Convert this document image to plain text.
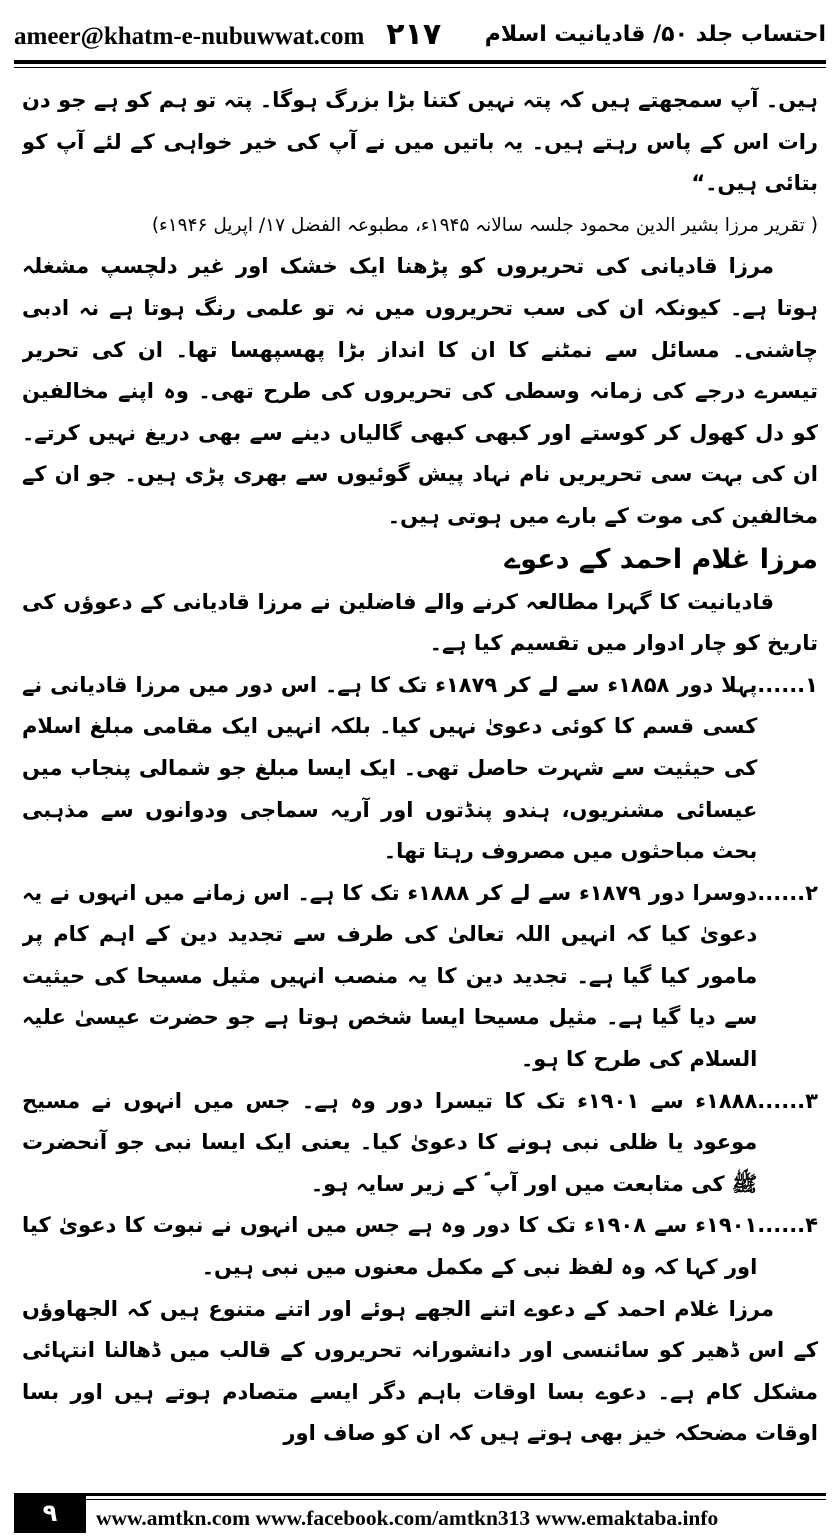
ameer@khatm-e-nubuwwat.com ۲۱۷ احتساب جلد ۵۰/ قادیانیت اسلام

ہیں۔ آپ سمجھتے ہیں کہ پتہ نہیں کتنا بڑا بزرگ ہوگا۔ پتہ تو ہم کو ہے جو دن رات اس کے پاس رہتے ہیں۔ یہ باتیں میں نے آپ کی خیر خواہی کے لئے آپ کو بتائی ہیں۔“

( تقریر مرزا بشیر الدین محمود جلسہ سالانہ ۱۹۴۵ء، مطبوعہ الفضل ۱۷/ اپریل ۱۹۴۶ء)

مرزا قادیانی کی تحریروں کو پڑھنا ایک خشک اور غیر دلچسپ مشغلہ ہوتا ہے۔ کیونکہ ان کی سب تحریروں میں نہ تو علمی رنگ ہوتا ہے نہ ادبی چاشنی۔ مسائل سے نمٹنے کا ان کا انداز بڑا پھسپھسا تھا۔ ان کی تحریر تیسرے درجے کی زمانہ وسطی کی تحریروں کی طرح تھی۔ وہ اپنے مخالفین کو دل کھول کر کوستے اور کبھی کبھی گالیاں دینے سے بھی دریغ نہیں کرتے۔ ان کی بہت سی تحریریں نام نہاد پیش گوئیوں سے بھری پڑی ہیں۔ جو ان کے مخالفین کی موت کے بارے میں ہوتی ہیں۔

مرزا غلام احمد کے دعوے

قادیانیت کا گہرا مطالعہ کرنے والے فاضلین نے مرزا قادیانی کے دعوؤں کی تاریخ کو چار ادوار میں تقسیم کیا ہے۔

۱......
پہلا دور ۱۸۵۸ء سے لے کر ۱۸۷۹ء تک کا ہے۔ اس دور میں مرزا قادیانی نے کسی قسم کا کوئی دعویٰ نہیں کیا۔ بلکہ انہیں ایک مقامی مبلغ اسلام کی حیثیت سے شہرت حاصل تھی۔ ایک ایسا مبلغ جو شمالی پنجاب میں عیسائی مشنریوں، ہندو پنڈتوں اور آریہ سماجی ودوانوں سے مذہبی بحث مباحثوں میں مصروف رہتا تھا۔
۲......
دوسرا دور ۱۸۷۹ء سے لے کر ۱۸۸۸ء تک کا ہے۔ اس زمانے میں انہوں نے یہ دعویٰ کیا کہ انہیں اللہ تعالیٰ کی طرف سے تجدید دین کے اہم کام پر مامور کیا گیا ہے۔ تجدید دین کا یہ منصب انہیں مثیل مسیحا کی حیثیت سے دیا گیا ہے۔ مثیل مسیحا ایسا شخص ہوتا ہے جو حضرت عیسیٰ علیہ السلام کی طرح کا ہو۔
۳......
۱۸۸۸ء سے ۱۹۰۱ء تک کا تیسرا دور وہ ہے۔ جس میں انہوں نے مسیح موعود یا ظلی نبی ہونے کا دعویٰ کیا۔ یعنی ایک ایسا نبی جو آنحضرت ﷺ کی متابعت میں اور آپ ؐ کے زیر سایہ ہو۔
۴......
۱۹۰۱ء سے ۱۹۰۸ء تک کا دور وہ ہے جس میں انہوں نے نبوت کا دعویٰ کیا اور کہا کہ وہ لفظ نبی کے مکمل معنوں میں نبی ہیں۔

مرزا غلام احمد کے دعوے اتنے الجھے ہوئے اور اتنے متنوع ہیں کہ الجھاوؤں کے اس ڈھیر کو سائنسی اور دانشورانہ تحریروں کے قالب میں ڈھالنا انتہائی مشکل کام ہے۔ دعوے بسا اوقات باہم دگر ایسے متصادم ہوتے ہیں اور بسا اوقات مضحکہ خیز بھی ہوتے ہیں کہ ان کو صاف اور

۹	www.amtkn.com www.facebook.com/amtkn313 www.emaktaba.info
